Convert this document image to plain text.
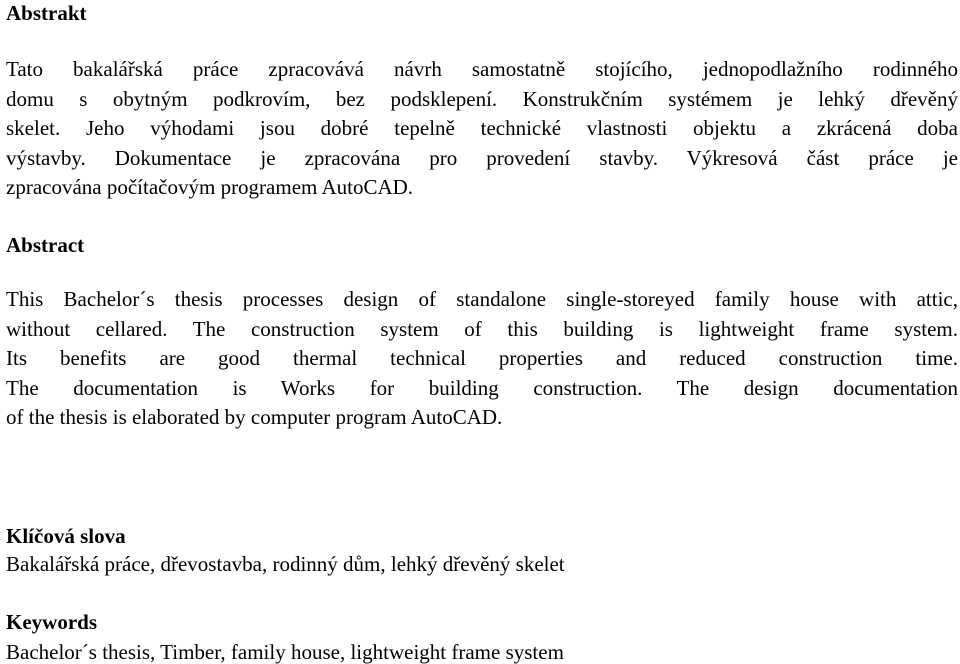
Abstrakt
Tato bakalářská práce zpracovává návrh samostatně stojícího, jednopodlažního rodinného
domu s obytným podkrovím, bez podsklepení. Konstrukčním systémem je lehký dřevěný
skelet. Jeho výhodami jsou dobré tepelně technické vlastnosti objektu a zkrácená doba
výstavby. Dokumentace je zpracována pro provedení stavby. Výkresová část práce je
zpracována počítačovým programem AutoCAD.
Abstract
This Bachelor´s thesis processes design of standalone single-storeyed family house with attic,
without cellared. The construction system of this building is lightweight frame system.
Its benefits are good thermal technical properties and reduced construction time.
The documentation is Works for building construction. The design documentation
of the thesis is elaborated by computer program AutoCAD.
Klíčová slova

Bakalářská práce, dřevostavba, rodinný dům, lehký dřevěný skelet

Keywords

Bachelor´s thesis, Timber, family house, lightweight frame system
